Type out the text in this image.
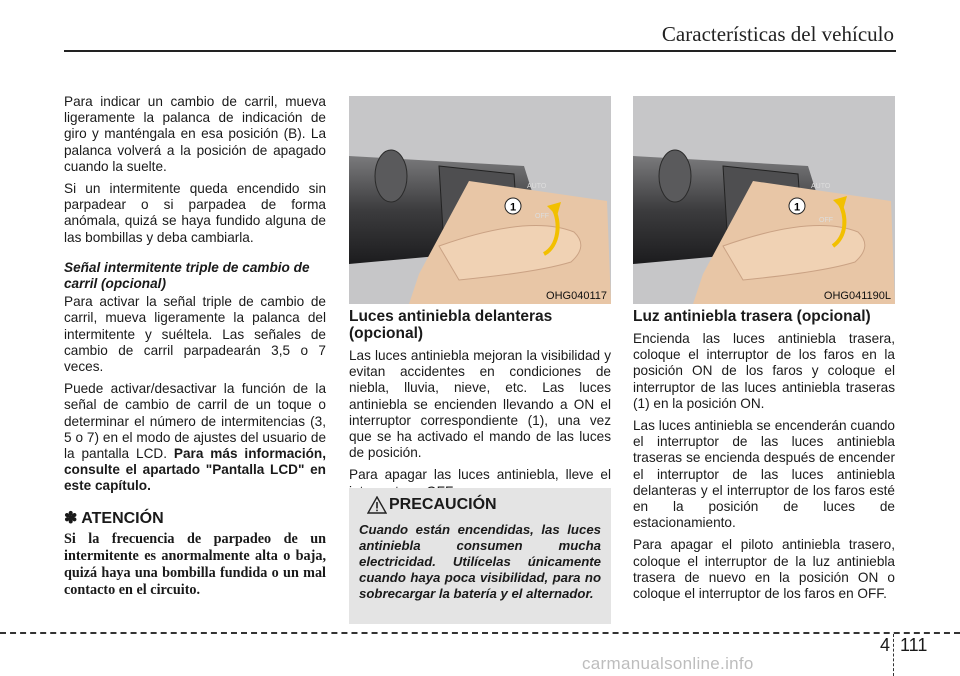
Características del vehículo

Para indicar un cambio de carril, mueva ligeramente la palanca de indicación de giro y manténgala en esa posición (B). La palanca volverá a la posición de apagado cuando la suelte.

Si un intermitente queda encendido sin parpadear o si parpadea de forma anómala, quizá se haya fundido alguna de las bombillas y deba cambiarla.

Señal intermitente triple de cambio de carril (opcional)

Para activar la señal triple de cambio de carril, mueva ligeramente la palanca del intermitente y suéltela. Las señales de cambio de carril parpadearán 3,5 o 7 veces.

Puede activar/desactivar la función de la señal de cambio de carril de un toque o determinar el número de intermitencias (3, 5 o 7) en el modo de ajustes del usuario de la pantalla LCD. Para más información, consulte el apartado "Pantalla LCD" en este capítulo.

✽ ATENCIÓN
Si la frecuencia de parpadeo de un intermitente es anormalmente alta o baja, quizá haya una bombilla fundida o un mal contacto en el circuito.
1
AUTO
OFF
OHG040117
1
AUTO
OFF
OHG041190L
Luces antiniebla delanteras (opcional)

Las luces antiniebla mejoran la visibilidad y evitan accidentes en condiciones de niebla, lluvia, nieve, etc. Las luces antiniebla se encienden llevando a ON el interruptor correspondiente (1), una vez que se ha activado el mando de las luces de posición.

Para apagar las luces antiniebla, lleve el

PRECAUCIÓN
Cuando están encendidas, las luces antiniebla consumen mucha electricidad. Utilícelas únicamente cuando haya poca visibilidad, para no sobrecargar la batería y el alternador.
Luz antiniebla trasera (opcional)

Encienda las luces antiniebla trasera, coloque el interruptor de los faros en la posición ON de los faros y coloque el interruptor de las luces antiniebla traseras (1) en la posición ON.

Las luces antiniebla se encenderán cuando el interruptor de las luces antiniebla traseras se encienda después de encender el interruptor de las luces antiniebla delanteras y el interruptor de los faros esté en la posición de luces de estacionamiento.

Para apagar el piloto antiniebla trasero, coloque el interruptor de la luz antiniebla trasera de nuevo en la posición ON o coloque el interruptor de los faros en OFF.

4 111
carmanualsonline.info
